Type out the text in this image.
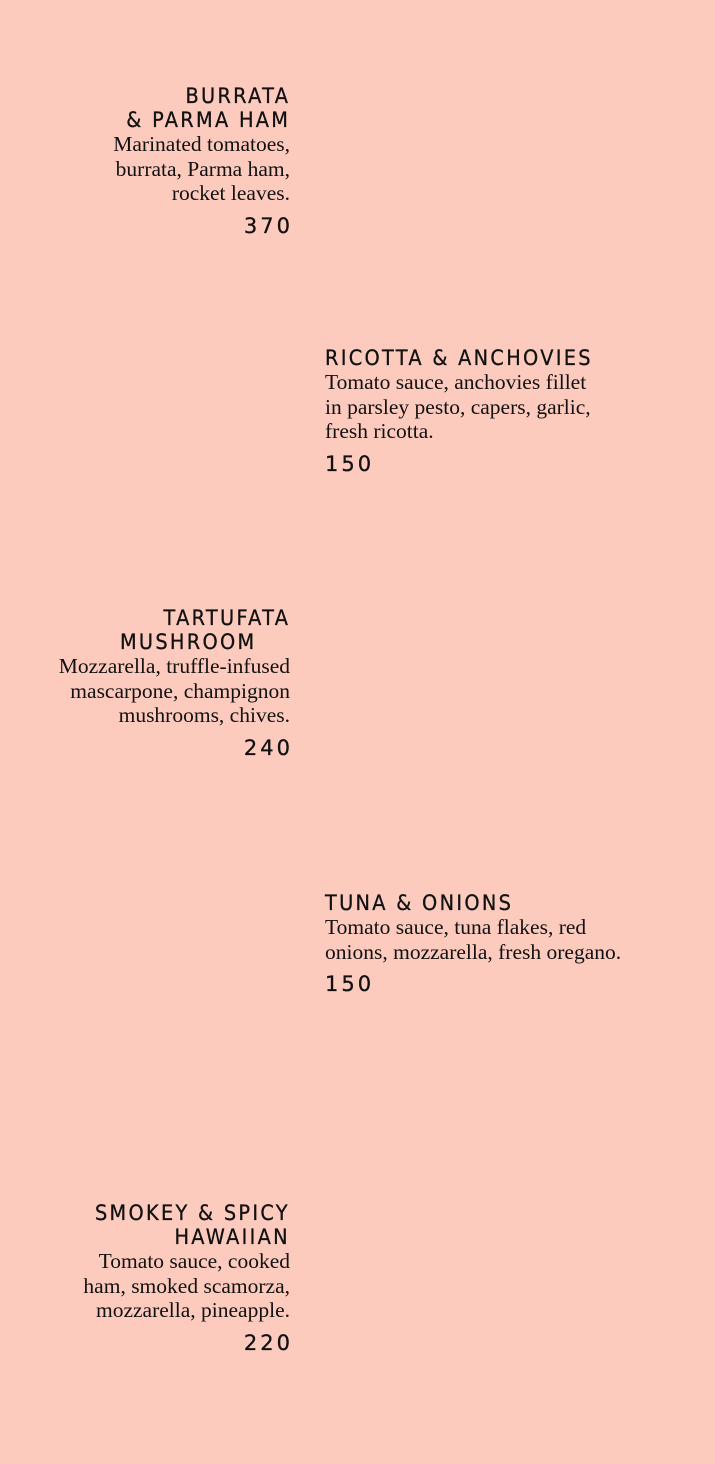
BURRATA
& PARMA HAM
Marinated tomatoes,
burrata, Parma ham,
rocket leaves.
370
RICOTTA & ANCHOVIES
Tomato sauce, anchovies fillet
in parsley pesto, capers, garlic,
fresh ricotta.
150
TARTUFATA
MUSHROOM
Mozzarella, truffle-infused
mascarpone, champignon
mushrooms, chives.
240
TUNA & ONIONS
Tomato sauce, tuna flakes, red
onions, mozzarella, fresh oregano.
150
SMOKEY & SPICY
HAWAIIAN
Tomato sauce, cooked
ham, smoked scamorza,
mozzarella, pineapple.
220
